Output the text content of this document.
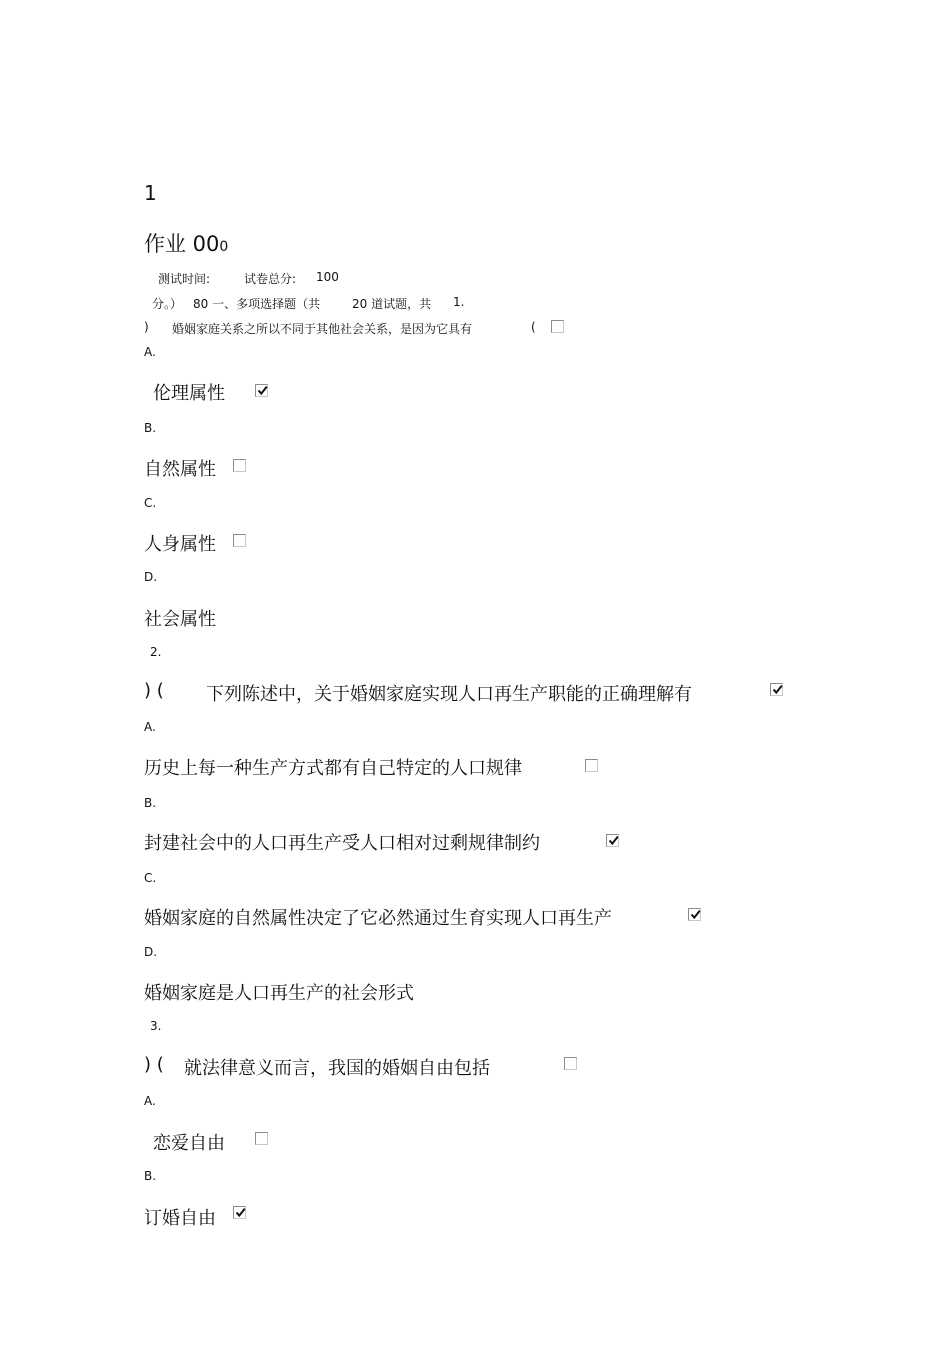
1
作业 000
测试时间:	试卷总分: 100
分。） 80 一、多项选择题（共	20 道试题，共 1.
) 婚姻家庭关系之所以不同于其他社会关系，是因为它具有	(
A.
伦理属性
B.
自然属性
C.
人身属性
D.
社会属性
2.
) ( 下列陈述中，关于婚姻家庭实现人口再生产职能的正确理解有
A.
历史上每一种生产方式都有自己特定的人口规律
B.
封建社会中的人口再生产受人口相对过剩规律制约
C.
婚姻家庭的自然属性决定了它必然通过生育实现人口再生产
D.
婚姻家庭是人口再生产的社会形式
3.
) ( 就法律意义而言，我国的婚姻自由包括
A.
恋爱自由
B.
订婚自由
